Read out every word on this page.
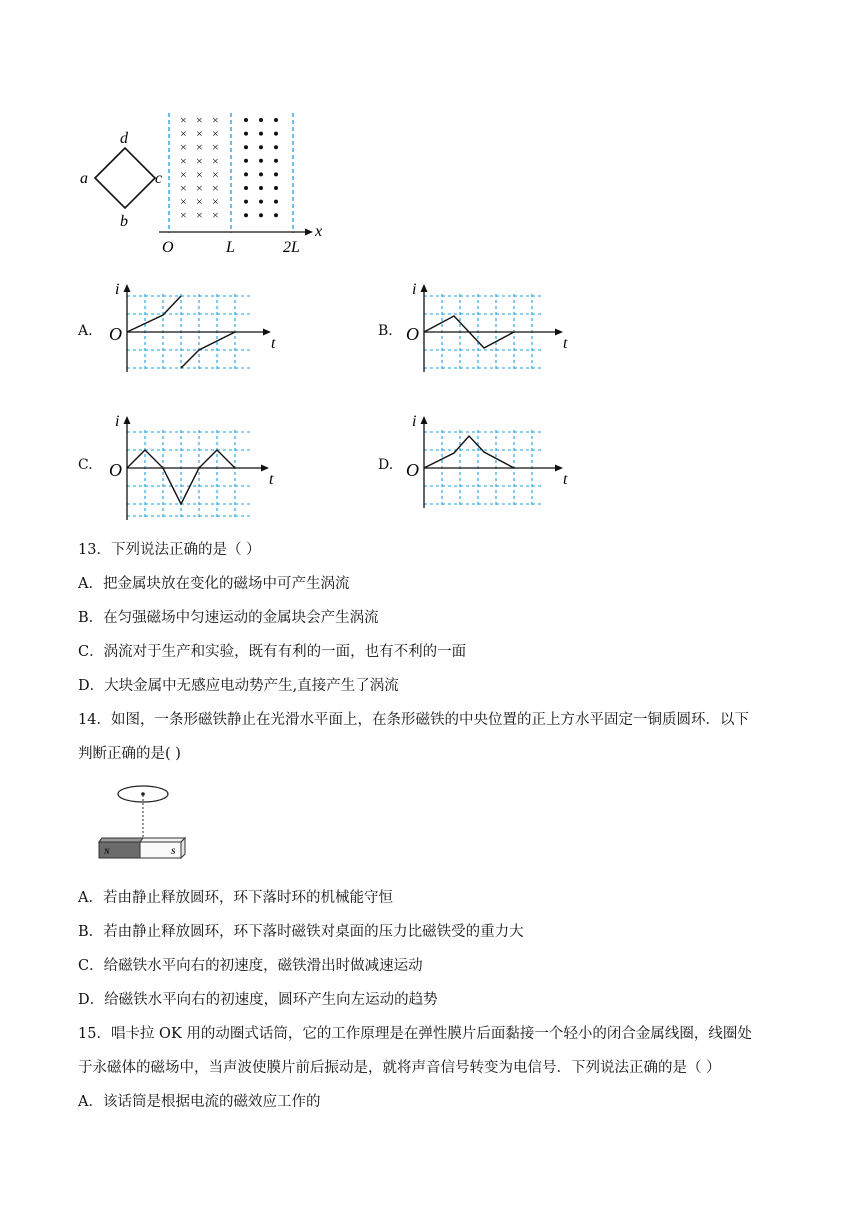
d
a	c
b
× × ×
× × ×
× × ×
× × ×
× × ×
× × ×
× × ×
× × ×
x
O	L	2L
A.
i
O	t
B.
i
O	t
C.
i
O	t
D.
i
O	t
13．下列说法正确的是（ ）
A．把金属块放在变化的磁场中可产生涡流
B．在匀强磁场中匀速运动的金属块会产生涡流
C．涡流对于生产和实验，既有有利的一面，也有不利的一面
D．大块金属中无感应电动势产生,直接产生了涡流
14．如图，一条形磁铁静止在光滑水平面上，在条形磁铁的中央位置的正上方水平固定一铜质圆环．以下
判断正确的是( )
N	S
A．若由静止释放圆环，环下落时环的机械能守恒
B．若由静止释放圆环，环下落时磁铁对桌面的压力比磁铁受的重力大
C．给磁铁水平向右的初速度，磁铁滑出时做减速运动
D．给磁铁水平向右的初速度，圆环产生向左运动的趋势
15．唱卡拉 OK 用的动圈式话筒，它的工作原理是在弹性膜片后面黏接一个轻小的闭合金属线圈，线圈处
于永磁体的磁场中，当声波使膜片前后振动是，就将声音信号转变为电信号．下列说法正确的是（ ）
A．该话筒是根据电流的磁效应工作的
